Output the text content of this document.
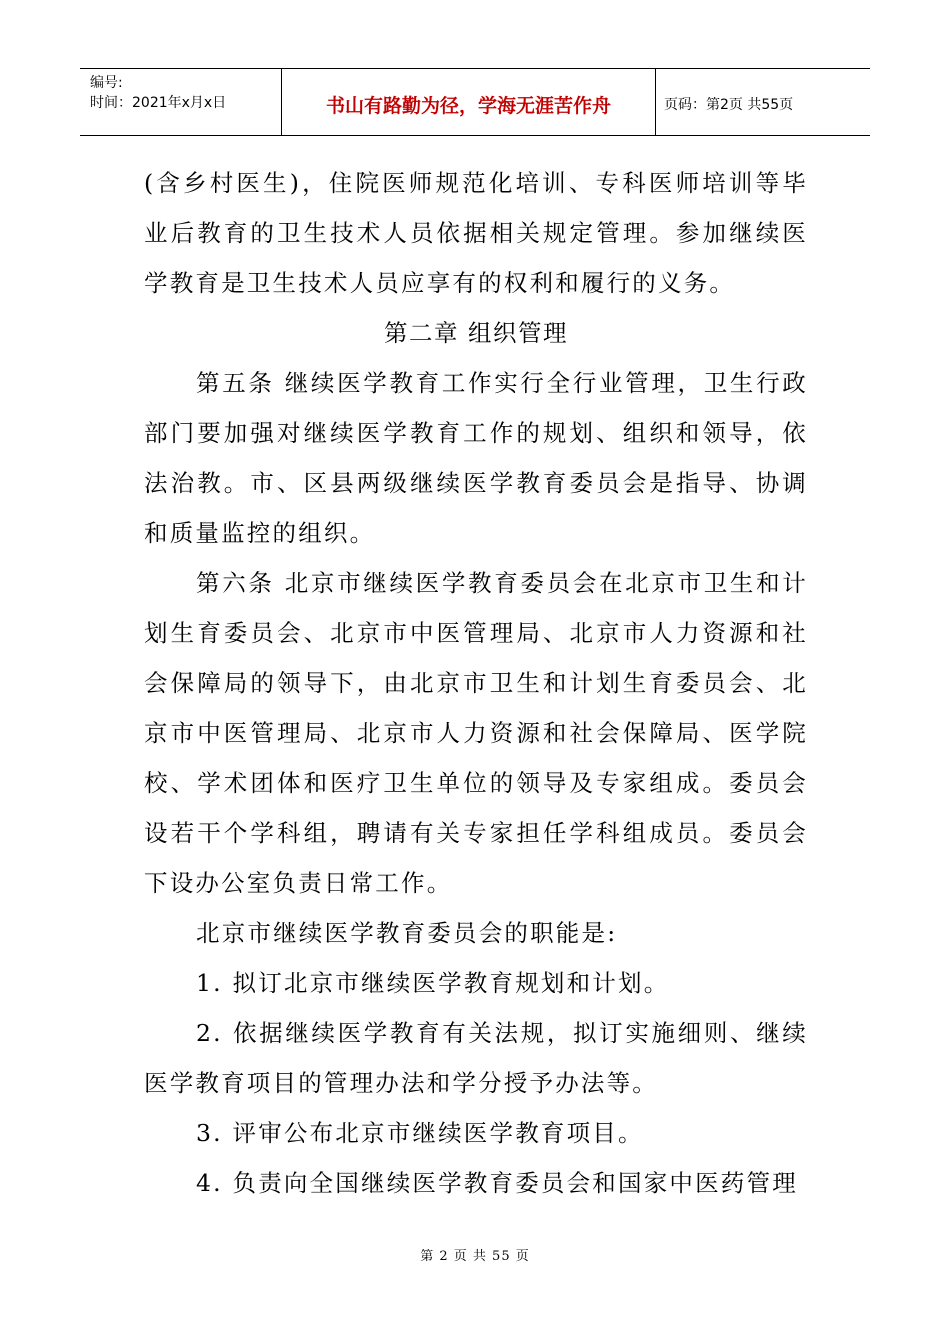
编号:
时间：2021年x月x日	书山有路勤为径，学海无涯苦作舟	页码：第2页 共55页

(含乡村医生)，住院医师规范化培训、专科医师培训等毕业后教育的卫生技术人员依据相关规定管理。参加继续医学教育是卫生技术人员应享有的权利和履行的义务。

第二章 组织管理

第五条 继续医学教育工作实行全行业管理，卫生行政部门要加强对继续医学教育工作的规划、组织和领导，依法治教。市、区县两级继续医学教育委员会是指导、协调和质量监控的组织。

第六条 北京市继续医学教育委员会在北京市卫生和计划生育委员会、北京市中医管理局、北京市人力资源和社会保障局的领导下，由北京市卫生和计划生育委员会、北京市中医管理局、北京市人力资源和社会保障局、医学院校、学术团体和医疗卫生单位的领导及专家组成。委员会设若干个学科组，聘请有关专家担任学科组成员。委员会下设办公室负责日常工作。

北京市继续医学教育委员会的职能是:

1. 拟订北京市继续医学教育规划和计划。

2. 依据继续医学教育有关法规，拟订实施细则、继续医学教育项目的管理办法和学分授予办法等。

3. 评审公布北京市继续医学教育项目。

4. 负责向全国继续医学教育委员会和国家中医药管理

第 2 页 共 55 页
